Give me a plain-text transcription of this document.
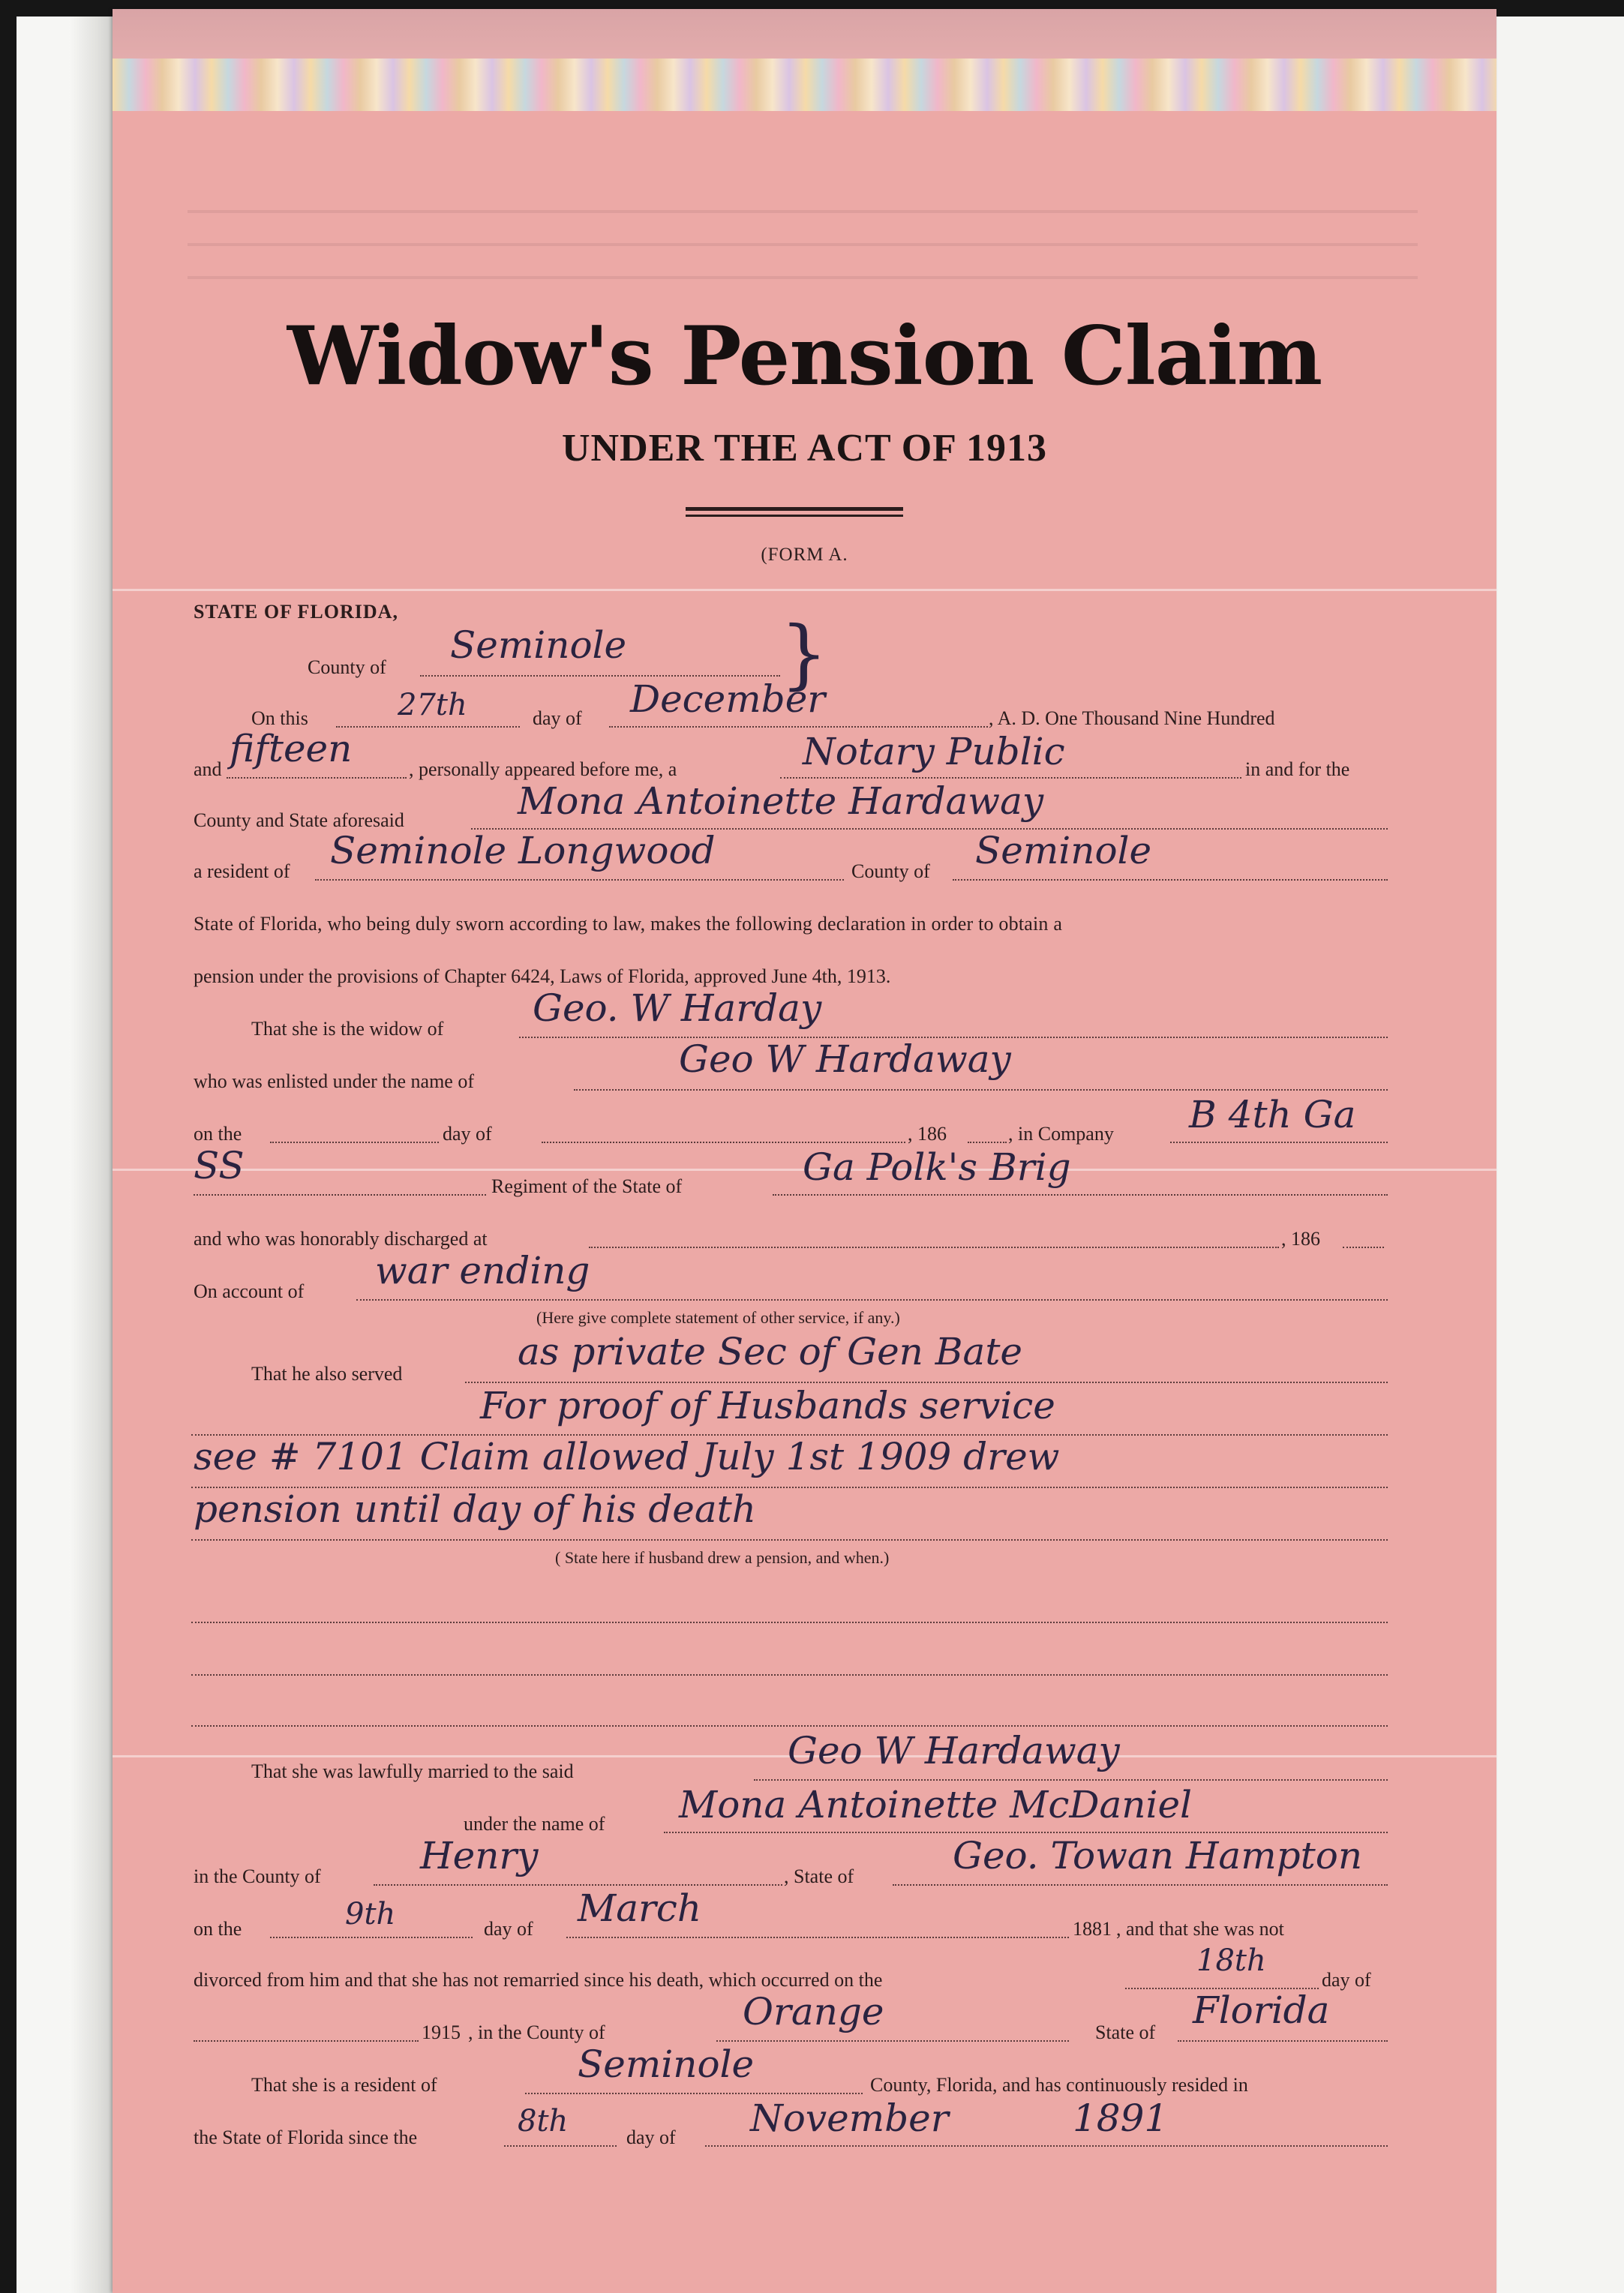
Widow's Pension Claim
UNDER THE ACT OF 1913
(FORM A.
STATE OF FLORIDA,
County of
Seminole }
On this	27th	day of December	, A. D. One Thousand Nine Hundred
and fifteen	, personally appeared before me, a	Notary Public	in and for the
County and State aforesaid	Mona Antoinette Hardaway
a resident of Seminole Longwood	County of Seminole
State of Florida, who being duly sworn according to law, makes the following declaration in order to obtain a
pension under the provisions of Chapter 6424, Laws of Florida, approved June 4th, 1913.
That she is the widow of Geo. W Harday
who was enlisted under the name of
Geo W Hardaway
on the	day of	, 186	, in Company B 4th Ga
SS	Regiment of the State of	Ga Polk's Brig
and who was honorably discharged at	, 186
On account of war ending
(Here give complete statement of other service, if any.)
That he also served
as private Sec of Gen Bate
For proof of Husbands service
see # 7101 Claim allowed July 1st 1909 drew
pension until day of his death
( State here if husband drew a pension, and when.)
That she was lawfully married to the said	Geo W Hardaway
under the name of Mona Antoinette McDaniel
in the County of	Henry	, State of	Geo. Towan Hampton
on the	9th	day of March	1881 , and that she was not
divorced from him and that she has not remarried since his death, which occurred on the
18th
day of
1915 , in the County of	Orange	State of
Florida
That she is a resident of	Seminole	County, Florida, and has continuously resided in
the State of Florida since the	8th	day of November	1891
